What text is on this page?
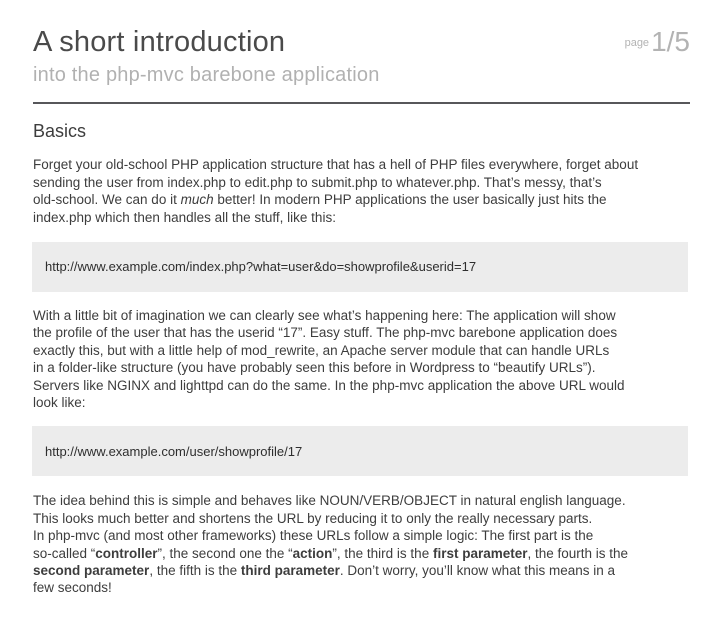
A short introduction	$^{page}$1/5
into the php-mvc barebone application
Basics

Forget your old-school PHP application structure that has a hell of PHP files everywhere, forget about
sending the user from index.php to edit.php to submit.php to whatever.php. That’s messy, that’s
old-school. We can do it much better! In modern PHP applications the user basically just hits the
index.php which then handles all the stuff, like this:

http://www.example.com/index.php?what=user&do=showprofile&userid=17

With a little bit of imagination we can clearly see what’s happening here: The application will show
the profile of the user that has the userid “17”. Easy stuff. The php-mvc barebone application does
exactly this, but with a little help of mod_rewrite, an Apache server module that can handle URLs
in a folder-like structure (you have probably seen this before in Wordpress to “beautify URLs”).
Servers like NGINX and lighttpd can do the same. In the php-mvc application the above URL would
look like:

http://www.example.com/user/showprofile/17

The idea behind this is simple and behaves like NOUN/VERB/OBJECT in natural english language.
This looks much better and shortens the URL by reducing it to only the really necessary parts.
In php-mvc (and most other frameworks) these URLs follow a simple logic: The first part is the
so-called “controller”, the second one the “action”, the third is the first parameter, the fourth is the
second parameter, the fifth is the third parameter. Don’t worry, you’ll know what this means in a
few seconds!
